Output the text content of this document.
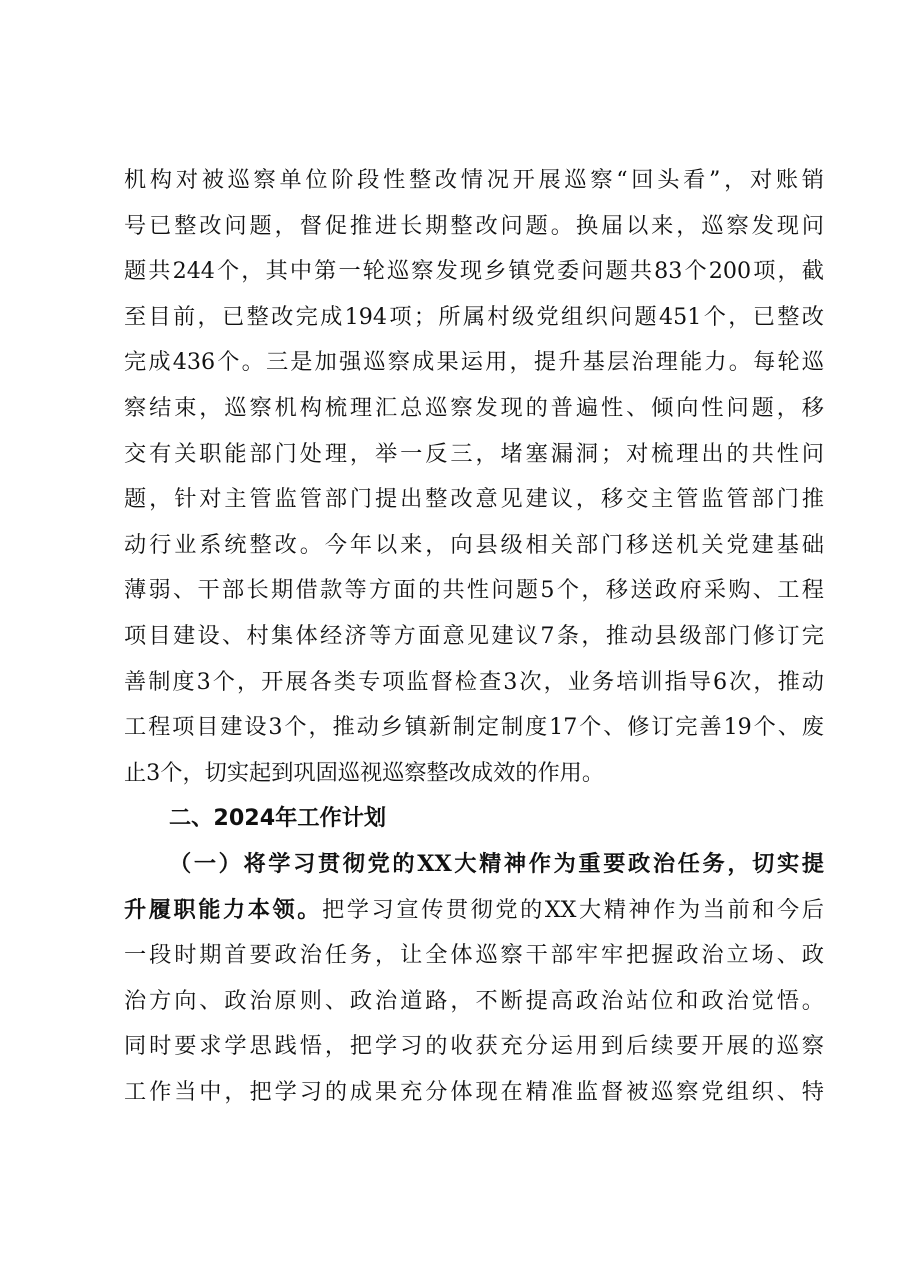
机构对被巡察单位阶段性整改情况开展巡察“回头看”，对账销
号已整改问题，督促推进长期整改问题。换届以来，巡察发现问
题共244个，其中第一轮巡察发现乡镇党委问题共83个200项，截
至目前，已整改完成194项；所属村级党组织问题451个，已整改
完成436个。三是加强巡察成果运用，提升基层治理能力。每轮巡
察结束，巡察机构梳理汇总巡察发现的普遍性、倾向性问题，移
交有关职能部门处理，举一反三，堵塞漏洞；对梳理出的共性问
题，针对主管监管部门提出整改意见建议，移交主管监管部门推
动行业系统整改。今年以来，向县级相关部门移送机关党建基础
薄弱、干部长期借款等方面的共性问题5个，移送政府采购、工程
项目建设、村集体经济等方面意见建议7条，推动县级部门修订完
善制度3个，开展各类专项监督检查3次，业务培训指导6次，推动
工程项目建设3个，推动乡镇新制定制度17个、修订完善19个、废
止3个，切实起到巩固巡视巡察整改成效的作用。
二、2024年工作计划
（一）将学习贯彻党的XX大精神作为重要政治任务，切实提
升履职能力本领。把学习宣传贯彻党的XX大精神作为当前和今后
一段时期首要政治任务，让全体巡察干部牢牢把握政治立场、政
治方向、政治原则、政治道路，不断提高政治站位和政治觉悟。
同时要求学思践悟，把学习的收获充分运用到后续要开展的巡察
工作当中，把学习的成果充分体现在精准监督被巡察党组织、特
